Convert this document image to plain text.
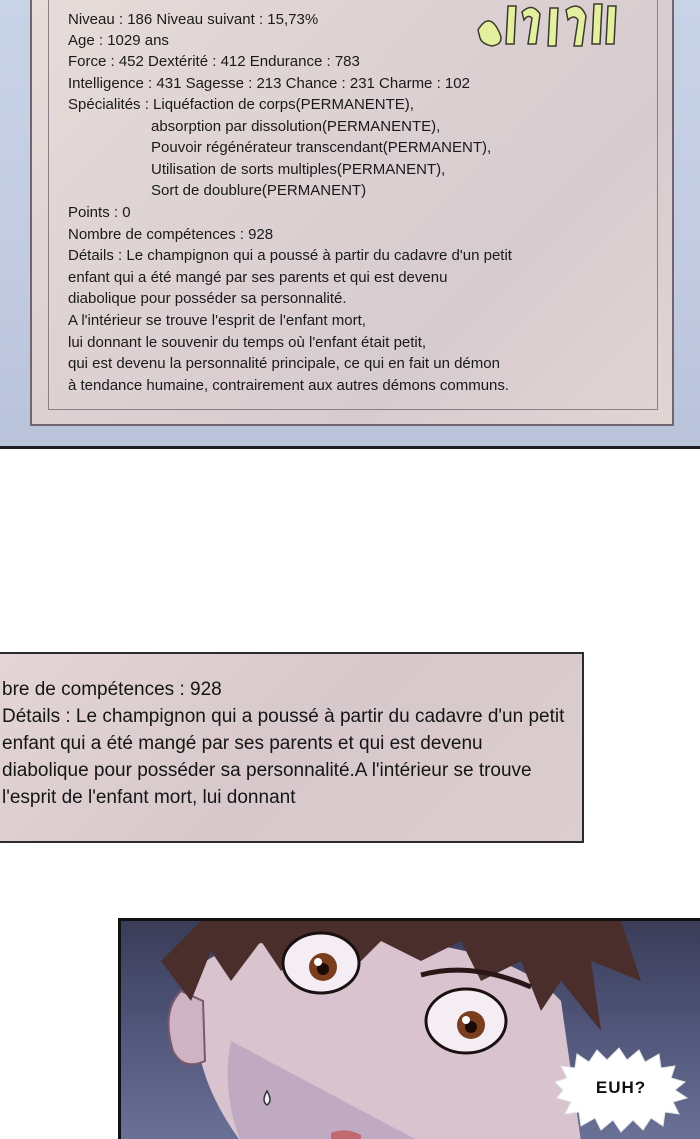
Niveau : 186 Niveau suivant : 15,73%
Age : 1029 ans
Force : 452 Dextérité : 412 Endurance : 783
Intelligence : 431 Sagesse : 213 Chance : 231 Charme : 102
Spécialités : Liquéfaction de corps(PERMANENTE),
absorption par dissolution(PERMANENTE),
Pouvoir régénérateur transcendant(PERMANENT),
Utilisation de sorts multiples(PERMANENT),
Sort de doublure(PERMANENT)
Points : 0
Nombre de compétences : 928
Détails : Le champignon qui a poussé à partir du cadavre d'un petit
enfant qui a été mangé par ses parents et qui est devenu
diabolique pour posséder sa personnalité.
A l'intérieur se trouve l'esprit de l'enfant mort,
lui donnant le souvenir du temps où l'enfant était petit,
qui est devenu la personnalité principale, ce qui en fait un démon
à tendance humaine, contrairement aux autres démons communs.
bre de compétences : 928
Détails : Le champignon qui a poussé à partir du cadavre d'un petit
enfant qui a été mangé par ses parents et qui est devenu
diabolique pour posséder sa personnalité.A l'intérieur se trouve
l'esprit de l'enfant mort, lui donnant
EUH?
